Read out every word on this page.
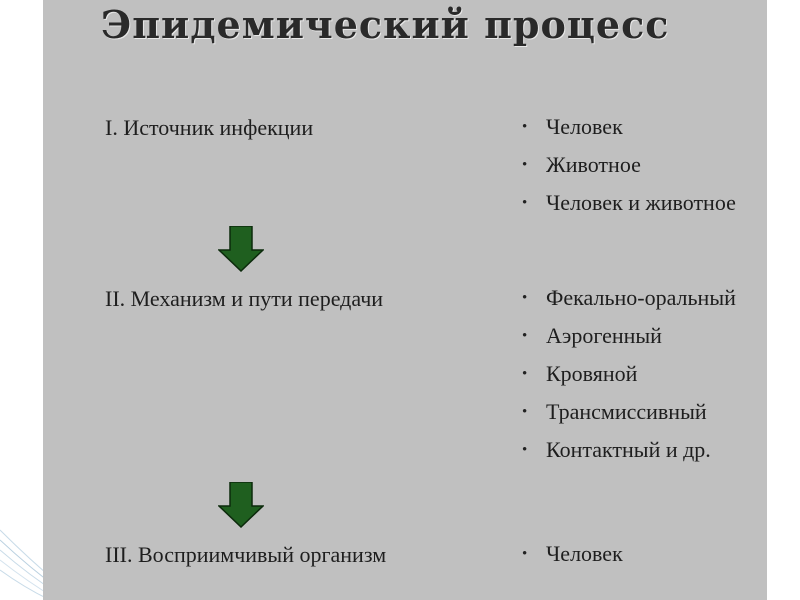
Эпидемический процесс
I. Источник инфекции	• Человек
• Животное
• Человек и животное
II. Механизм и пути передачи	• Фекально-оральный
• Аэрогенный
• Кровяной
• Трансмиссивный
• Контактный и др.
III. Восприимчивый организм	• Человек
